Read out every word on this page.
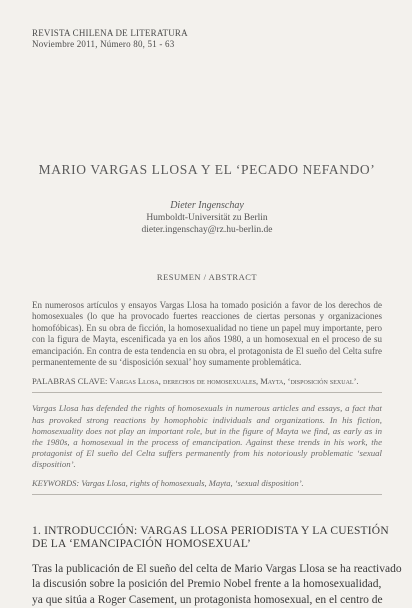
REVISTA CHILENA DE LITERATURA
Noviembre 2011, Número 80, 51 - 63
MARIO VARGAS LLOSA Y EL ‘PECADO NEFANDO’
Dieter Ingenschay
Humboldt-Universität zu Berlin
dieter.ingenschay@rz.hu-berlin.de
RESUMEN / ABSTRACT
En numerosos artículos y ensayos Vargas Llosa ha tomado posición a favor de los derechos de homosexuales (lo que ha provocado fuertes reacciones de ciertas personas y organizaciones homofóbicas). En su obra de ficción, la homosexualidad no tiene un papel muy importante, pero con la figura de Mayta, escenificada ya en los años 1980, a un homosexual en el proceso de su emancipación. En contra de esta tendencia en su obra, el protagonista de El sueño del Celta sufre permanentemente de su ‘disposición sexual’ hoy sumamente problemática.
PALABRAS CLAVE: Vargas Llosa, derechos de homosexuales, Mayta, ‘disposición sexual’.
Vargas Llosa has defended the rights of homosexuals in numerous articles and essays, a fact that has provoked strong reactions by homophobic individuals and organizations. In his fiction, homosexuality does not play an important role, but in the figure of Mayta we find, as early as in the 1980s, a homosexual in the process of emancipation. Against these trends in his work, the protagonist of El sueño del Celta suffers permanently from his notoriously problematic ‘sexual disposition’.
KEYWORDS: Vargas Llosa, rights of homosexuals, Mayta, ‘sexual disposition’.
1. INTRODUCCIÓN: VARGAS LLOSA PERIODISTA Y LA CUESTIÓN
DE LA ‘EMANCIPACIÓN HOMOSEXUAL’
Tras la publicación de El sueño del celta de Mario Vargas Llosa se ha reactivado
la discusión sobre la posición del Premio Nobel frente a la homosexualidad,
ya que sitúa a Roger Casement, un protagonista homosexual, en el centro de
